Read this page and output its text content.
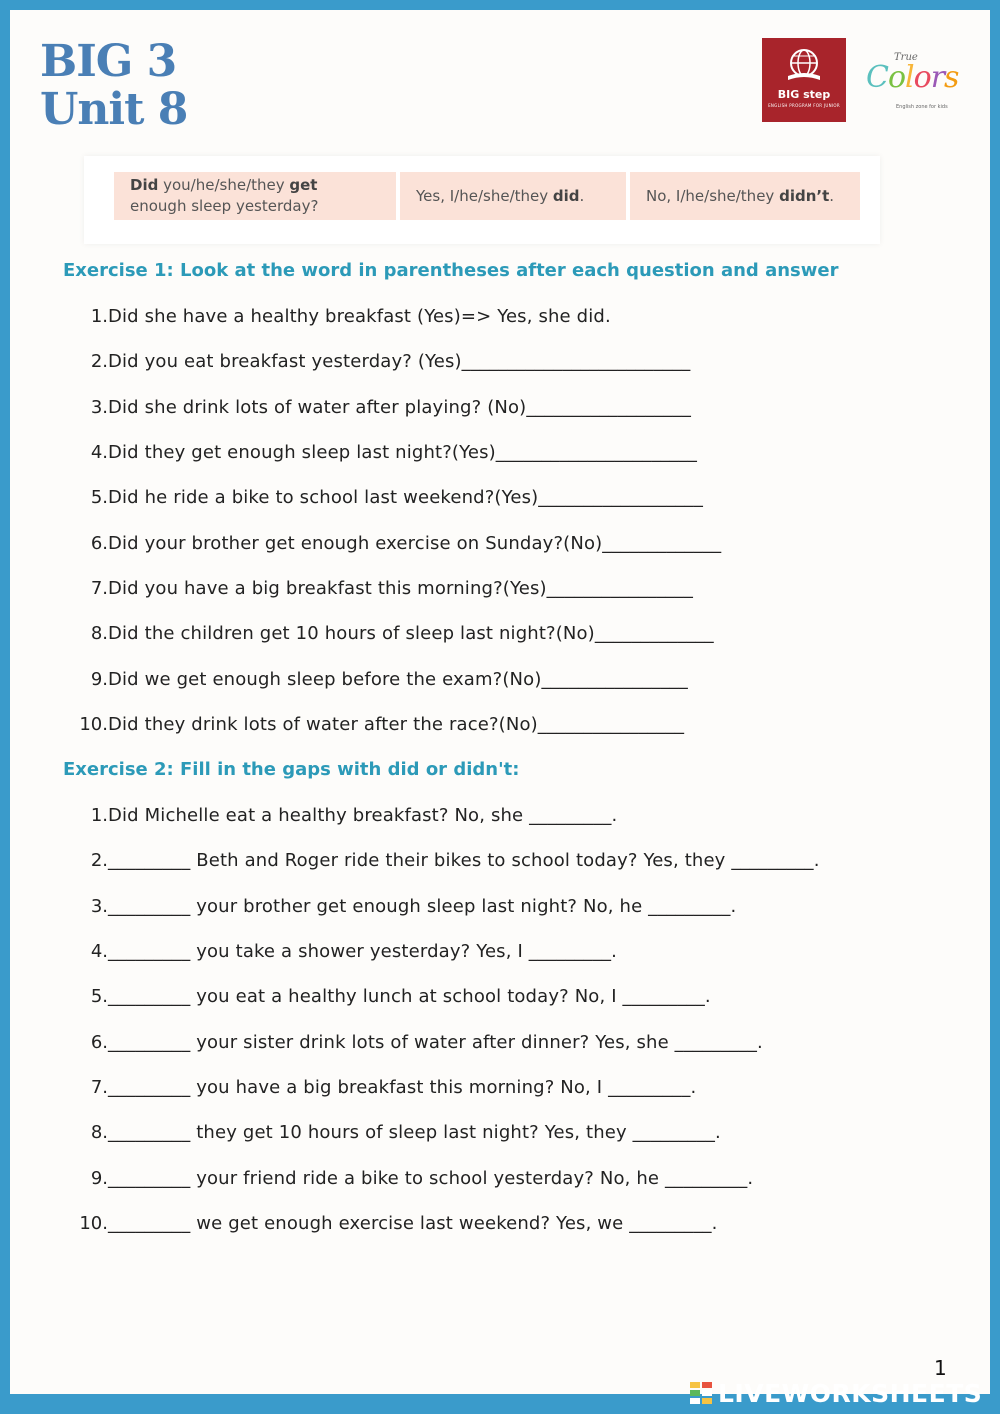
BIG 3
Unit 8	BIG step
ENGLISH PROGRAM FOR JUNIOR
True
Colors
English zone for kids
Did you/he/she/they get
enough sleep yesterday?
Yes, I/he/she/they did.	No, I/he/she/they didn’t.
Exercise 1: Look at the word in parentheses after each question and answer
1.Did she have a healthy breakfast (Yes)=> Yes, she did.
2.Did you eat breakfast yesterday? (Yes)_________________________
3.Did she drink lots of water after playing? (No)__________________
4.Did they get enough sleep last night?(Yes)______________________
5.Did he ride a bike to school last weekend?(Yes)__________________
6.Did your brother get enough exercise on Sunday?(No)_____________
7.Did you have a big breakfast this morning?(Yes)________________
8.Did the children get 10 hours of sleep last night?(No)_____________
9.Did we get enough sleep before the exam?(No)________________
10.Did they drink lots of water after the race?(No)________________
Exercise 2: Fill in the gaps with did or didn't:
1.Did Michelle eat a healthy breakfast? No, she _________.
2._________ Beth and Roger ride their bikes to school today? Yes, they _________.
3._________ your brother get enough sleep last night? No, he _________.
4._________ you take a shower yesterday? Yes, I _________.
5._________ you eat a healthy lunch at school today? No, I _________.
6._________ your sister drink lots of water after dinner? Yes, she _________.
7._________ you have a big breakfast this morning? No, I _________.
8._________ they get 10 hours of sleep last night? Yes, they _________.
9._________ your friend ride a bike to school yesterday? No, he _________.
10._________ we get enough exercise last weekend? Yes, we _________.
1
LIVEWORKSHEETS
